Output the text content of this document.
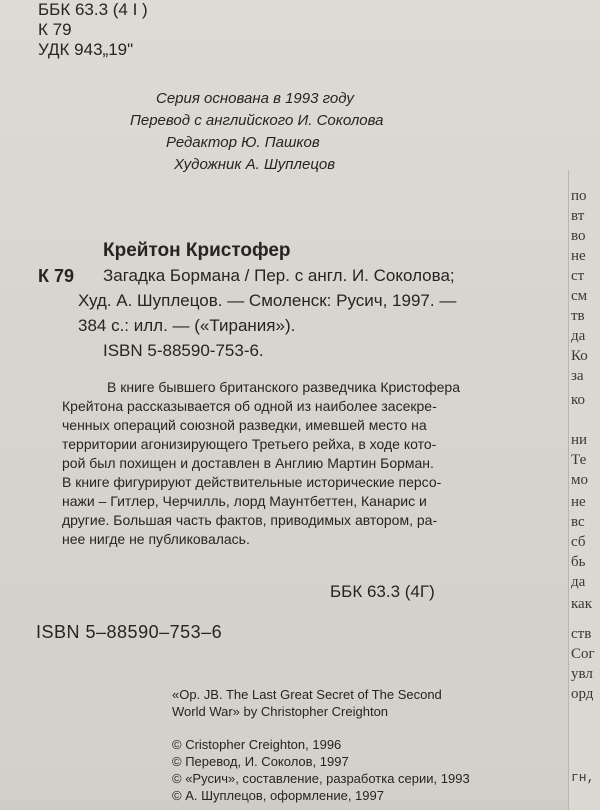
по
вт
во
не
ст
см
тв
да
Ко
за
ко
ни
Те
мо
не
вс
сб
бь
да
как
ств
Сог
увл
орд
гн,
ББК 63.3 (4 I )
К 79
УДК 943„19"
Серия основана в 1993 году
Перевод с английского И. Соколова
Редактор Ю. Пашков
Художник А. Шуплецов
Крейтон Кристофер
К 79 Загадка Бормана / Пер. с англ. И. Соколова;
Худ. А. Шуплецов. — Смоленск: Русич, 1997. —
384 с.: илл. — («Тирания»).
ISBN 5-88590-753-6.
В книге бывшего британского разведчика Кристофера
Крейтона рассказывается об одной из наиболее засекре-
ченных операций союзной разведки, имевшей место на
территории агонизирующего Третьего рейха, в ходе кото-
рой был похищен и доставлен в Англию Мартин Борман.
В книге фигурируют действительные исторические персо-
нажи – Гитлер, Черчилль, лорд Маунтбеттен, Канарис и
другие. Большая часть фактов, приводимых автором, ра-
нее нигде не публиковалась.
ББК 63.3 (4Г)
ISBN 5–88590–753–6
«Op. JB. The Last Great Secret of The Second
World War» by Christopher Creighton
© Cristopher Creighton, 1996
© Перевод, И. Соколов, 1997
© «Русич», составление, разработка серии, 1993
© А. Шуплецов, оформление, 1997
